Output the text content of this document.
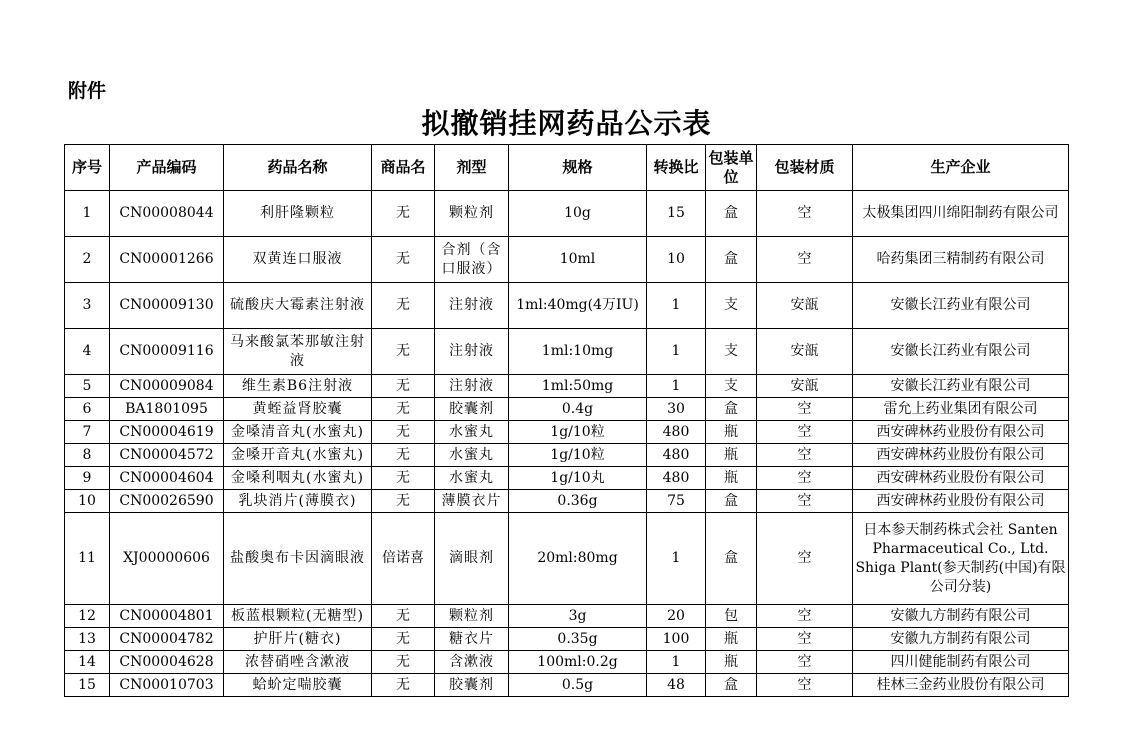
附件
拟撤销挂网药品公示表
序号	产品编码	药品名称	商品名	剂型	规格	转换比	包装单位	包装材质	生产企业
1	CN00008044	利肝隆颗粒	无	颗粒剂	10g	15	盒	空	太极集团四川绵阳制药有限公司
2	CN00001266	双黄连口服液	无	合剂（含口服液）	10ml	10	盒	空	哈药集团三精制药有限公司
3	CN00009130	硫酸庆大霉素注射液	无	注射液	1ml:40mg(4万IU)	1	支	安瓿	安徽长江药业有限公司
4	CN00009116	马来酸氯苯那敏注射液	无	注射液	1ml:10mg	1	支	安瓿	安徽长江药业有限公司
5	CN00009084	维生素B6注射液	无	注射液	1ml:50mg	1	支	安瓿	安徽长江药业有限公司
6	BA1801095	黄蛭益肾胶囊	无	胶囊剂	0.4g	30	盒	空	雷允上药业集团有限公司
7	CN00004619	金嗓清音丸(水蜜丸)	无	水蜜丸	1g/10粒	480	瓶	空	西安碑林药业股份有限公司
8	CN00004572	金嗓开音丸(水蜜丸)	无	水蜜丸	1g/10粒	480	瓶	空	西安碑林药业股份有限公司
9	CN00004604	金嗓利咽丸(水蜜丸)	无	水蜜丸	1g/10丸	480	瓶	空	西安碑林药业股份有限公司
10	CN00026590	乳块消片(薄膜衣)	无	薄膜衣片	0.36g	75	盒	空	西安碑林药业股份有限公司
11	XJ00000606	盐酸奥布卡因滴眼液	倍诺喜	滴眼剂	20ml:80mg	1	盒	空	日本参天制药株式会社 Santen Pharmaceutical Co., Ltd. Shiga Plant(参天制药(中国)有限公司分装)
12	CN00004801	板蓝根颗粒(无糖型)	无	颗粒剂	3g	20	包	空	安徽九方制药有限公司
13	CN00004782	护肝片(糖衣)	无	糖衣片	0.35g	100	瓶	空	安徽九方制药有限公司
14	CN00004628	浓替硝唑含漱液	无	含漱液	100ml:0.2g	1	瓶	空	四川健能制药有限公司
15	CN00010703	蛤蚧定喘胶囊	无	胶囊剂	0.5g	48	盒	空	桂林三金药业股份有限公司
